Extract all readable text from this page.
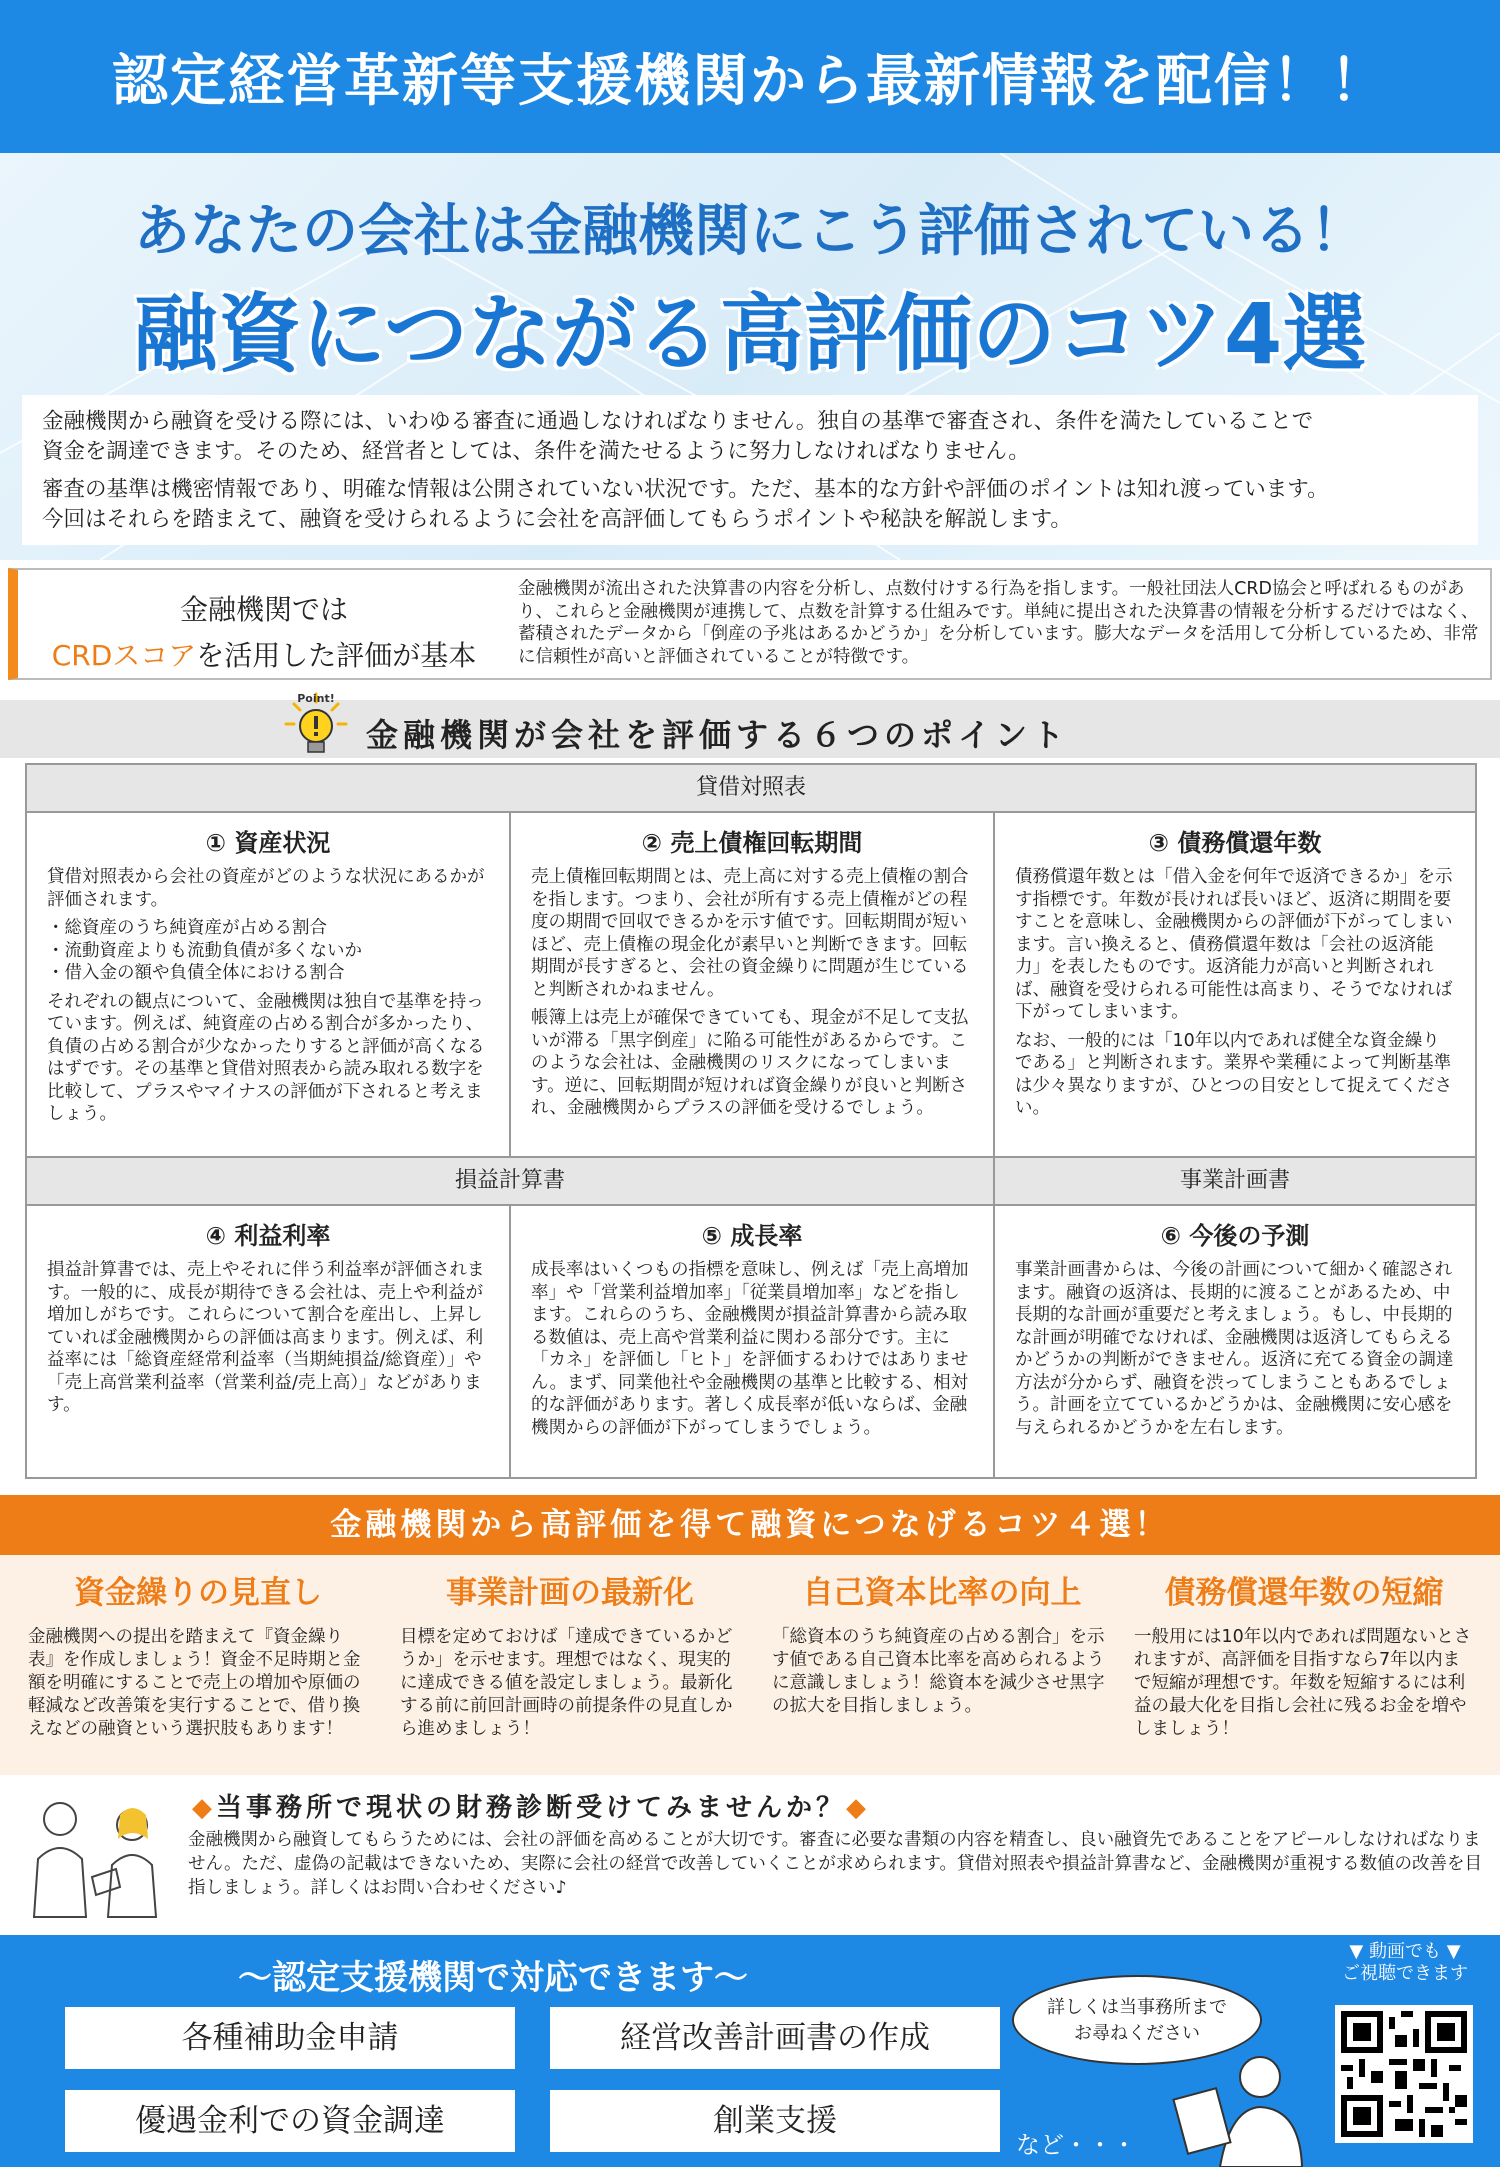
認定経営革新等支援機関から最新情報を配信！！
あなたの会社は金融機関にこう評価されている！
融資につながる高評価のコツ4選

金融機関から融資を受ける際には、いわゆる審査に通過しなければなりません。独自の基準で審査され、条件を満たしていることで

資金を調達できます。そのため、経営者としては、条件を満たせるように努力しなければなりません。

審査の基準は機密情報であり、明確な情報は公開されていない状況です。ただ、基本的な方針や評価のポイントは知れ渡っています。

今回はそれらを踏まえて、融資を受けられるように会社を高評価してもらうポイントや秘訣を解説します。

金融機関では
CRDスコアを活用した評価が基本
金融機関が流出された決算書の内容を分析し、点数付けする行為を指します。一般社団法人CRD協会と呼ばれるものがあり、これらと金融機関が連携して、点数を計算する仕組みです。単純に提出された決算書の情報を分析するだけではなく、蓄積されたデータから「倒産の予兆はあるかどうか」を分析しています。膨大なデータを活用して分析しているため、非常に信頼性が高いと評価されていることが特徴です。
金融機関が会社を評価する６つのポイント
Point!
貸借対照表
① 資産状況

貸借対照表から会社の資産がどのような状況にあるかが評価されます。

・総資産のうち純資産が占める割合
・流動資産よりも流動負債が多くないか
・借入金の額や負債全体における割合

それぞれの観点について、金融機関は独自で基準を持っています。例えば、純資産の占める割合が多かったり、負債の占める割合が少なかったりすると評価が高くなるはずです。その基準と貸借対照表から読み取れる数字を比較して、プラスやマイナスの評価が下されると考えましょう。

② 売上債権回転期間

売上債権回転期間とは、売上高に対する売上債権の割合を指します。つまり、会社が所有する売上債権がどの程度の期間で回収できるかを示す値です。回転期間が短いほど、売上債権の現金化が素早いと判断できます。回転期間が長すぎると、会社の資金繰りに問題が生じていると判断されかねません。

帳簿上は売上が確保できていても、現金が不足して支払いが滞る「黒字倒産」に陥る可能性があるからです。このような会社は、金融機関のリスクになってしまいます。逆に、回転期間が短ければ資金繰りが良いと判断され、金融機関からプラスの評価を受けるでしょう。

③ 債務償還年数

債務償還年数とは「借入金を何年で返済できるか」を示す指標です。年数が長ければ長いほど、返済に期間を要すことを意味し、金融機関からの評価が下がってしまいます。言い換えると、債務償還年数は「会社の返済能力」を表したものです。返済能力が高いと判断されれば、融資を受けられる可能性は高まり、そうでなければ下がってしまいます。

なお、一般的には「10年以内であれば健全な資金繰りである」と判断されます。業界や業種によって判断基準は少々異なりますが、ひとつの目安として捉えてください。

損益計算書	事業計画書
④ 利益利率

損益計算書では、売上やそれに伴う利益率が評価されます。一般的に、成長が期待できる会社は、売上や利益が増加しがちです。これらについて割合を産出し、上昇していれば金融機関からの評価は高まります。例えば、利益率には「総資産経常利益率（当期純損益/総資産）」や「売上高営業利益率（営業利益/売上高）」などがあります。

⑤ 成長率

成長率はいくつもの指標を意味し、例えば「売上高増加率」や「営業利益増加率」「従業員増加率」などを指します。これらのうち、金融機関が損益計算書から読み取る数値は、売上高や営業利益に関わる部分です。主に「カネ」を評価し「ヒト」を評価するわけではありません。まず、同業他社や金融機関の基準と比較する、相対的な評価があります。著しく成長率が低いならば、金融機関からの評価が下がってしまうでしょう。

⑥ 今後の予測

事業計画書からは、今後の計画について細かく確認されます。融資の返済は、長期的に渡ることがあるため、中長期的な計画が重要だと考えましょう。もし、中長期的な計画が明確でなければ、金融機関は返済してもらえるかどうかの判断ができません。返済に充てる資金の調達方法が分からず、融資を渋ってしまうこともあるでしょう。計画を立てているかどうかは、金融機関に安心感を与えられるかどうかを左右します。

金融機関から高評価を得て融資につなげるコツ４選！
資金繰りの見直し

金融機関への提出を踏まえて『資金繰り表』を作成しましょう！資金不足時期と金額を明確にすることで売上の増加や原価の軽減など改善策を実行することで、借り換えなどの融資という選択肢もあります！

事業計画の最新化

目標を定めておけば「達成できているかどうか」を示せます。理想ではなく、現実的に達成できる値を設定しましょう。最新化する前に前回計画時の前提条件の見直しから進めましょう！

自己資本比率の向上

「総資本のうち純資産の占める割合」を示す値である自己資本比率を高められるように意識しましょう！総資本を減少させ黒字の拡大を目指しましょう。

債務償還年数の短縮

一般用には10年以内であれば問題ないとされますが、高評価を目指すなら7年以内まで短縮が理想です。年数を短縮するには利益の最大化を目指し会社に残るお金を増やしましょう！

◆当事務所で現状の財務診断受けてみませんか？◆
金融機関から融資してもらうためには、会社の評価を高めることが大切です。審査に必要な書類の内容を精査し、良い融資先であることをアピールしなければなりません。ただ、虚偽の記載はできないため、実際に会社の経営で改善していくことが求められます。貸借対照表や損益計算書など、金融機関が重視する数値の改善を目指しましょう。詳しくはお問い合わせください♪
～認定支援機関で対応できます～
各種補助金申請	経営改善計画書の作成
優遇金利での資金調達	創業支援
など・・・
詳しくは当事務所まで
お尋ねください
▼ 動画でも ▼
ご視聴できます
